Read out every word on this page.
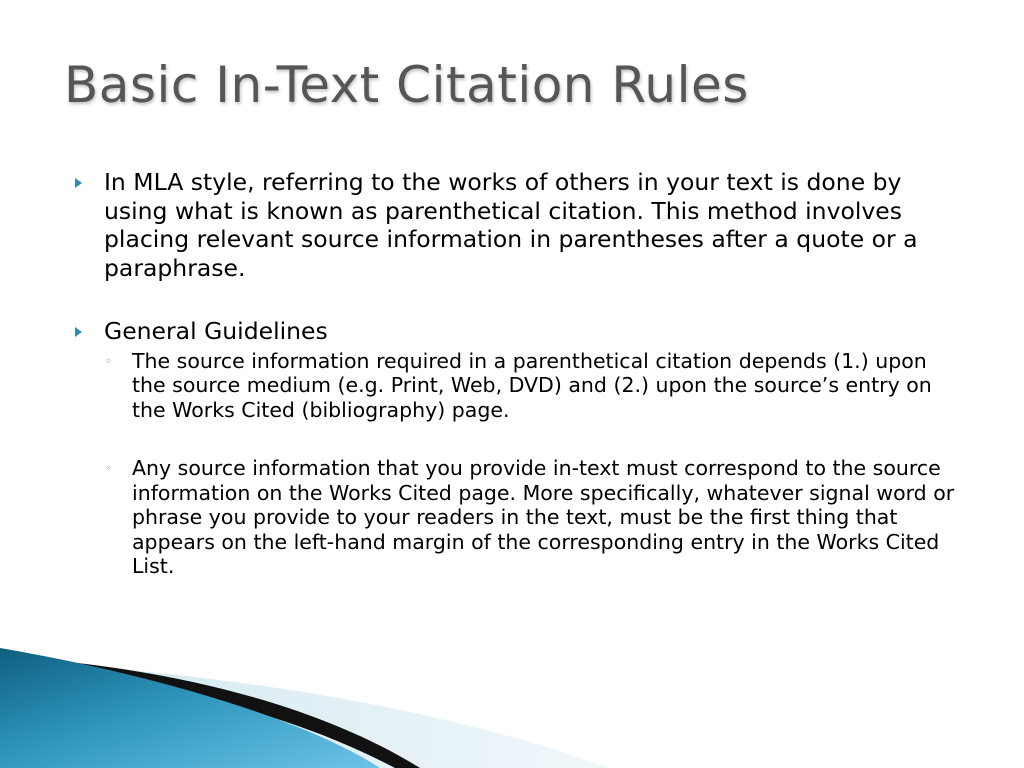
Basic In-Text Citation Rules
In MLA style, referring to the works of others in your text is done by using what is known as parenthetical citation. This method involves placing relevant source information in parentheses after a quote or a paraphrase.
General Guidelines
◦ The source information required in a parenthetical citation depends (1.) upon the source medium (e.g. Print, Web, DVD) and (2.) upon the source’s entry on the Works Cited (bibliography) page.
◦ Any source information that you provide in-text must correspond to the source information on the Works Cited page. More specifically, whatever signal word or phrase you provide to your readers in the text, must be the first thing that appears on the left-hand margin of the corresponding entry in the Works Cited List.
